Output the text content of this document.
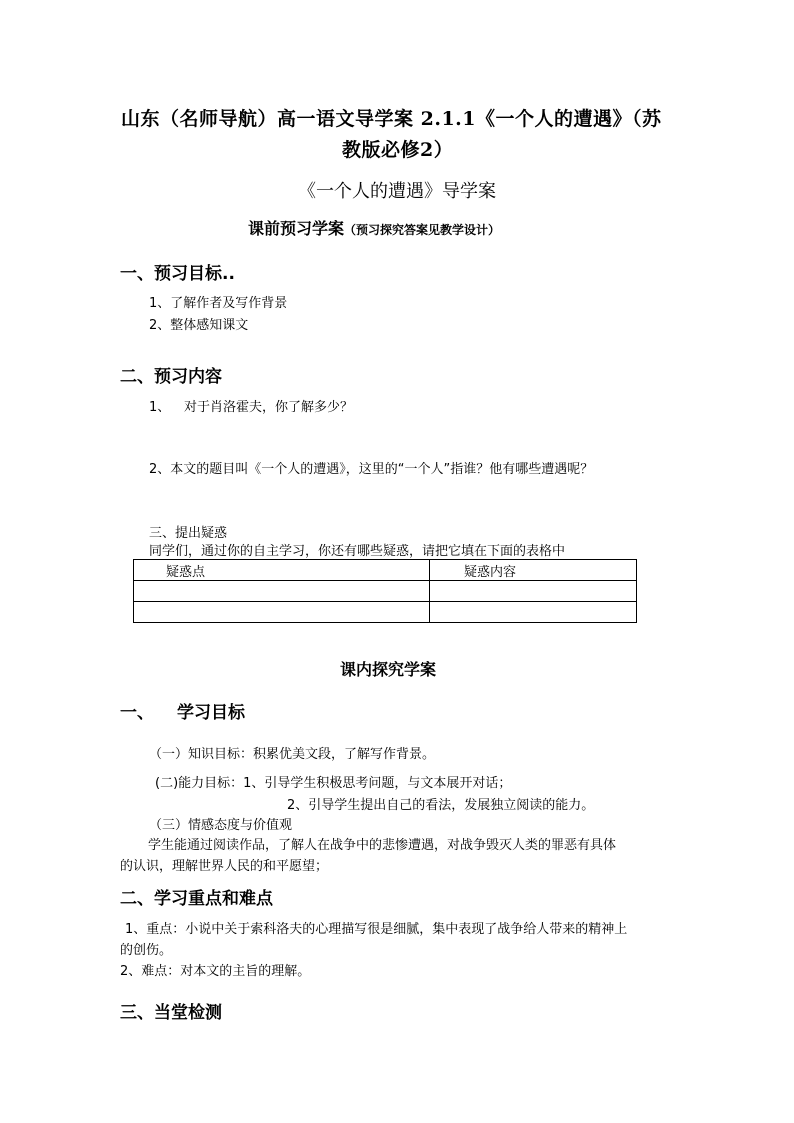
山东（名师导航）高一语文导学案 2.1.1《一个人的遭遇》（苏
教版必修2）
《一个人的遭遇》导学案
课前预习学案（预习探究答案见教学设计）
一、预习目标..
1、了解作者及写作背景
2、整体感知课文
二、预习内容
1、 对于肖洛霍夫，你了解多少？
2、本文的题目叫《一个人的遭遇》，这里的“一个人”指谁？他有哪些遭遇呢？
三、提出疑惑
同学们，通过你的自主学习，你还有哪些疑惑，请把它填在下面的表格中
疑惑点	疑惑内容

课内探究学案
一、 学习目标
（一）知识目标：积累优美文段，了解写作背景。
(二)能力目标：1、引导学生积极思考问题，与文本展开对话；
2、引导学生提出自己的看法，发展独立阅读的能力。
（三）情感态度与价值观
学生能通过阅读作品，了解人在战争中的悲惨遭遇，对战争毁灭人类的罪恶有具体
的认识，理解世界人民的和平愿望；
二、学习重点和难点
1、重点：小说中关于索科洛夫的心理描写很是细腻，集中表现了战争给人带来的精神上
的创伤。
2、难点：对本文的主旨的理解。
三、当堂检测
